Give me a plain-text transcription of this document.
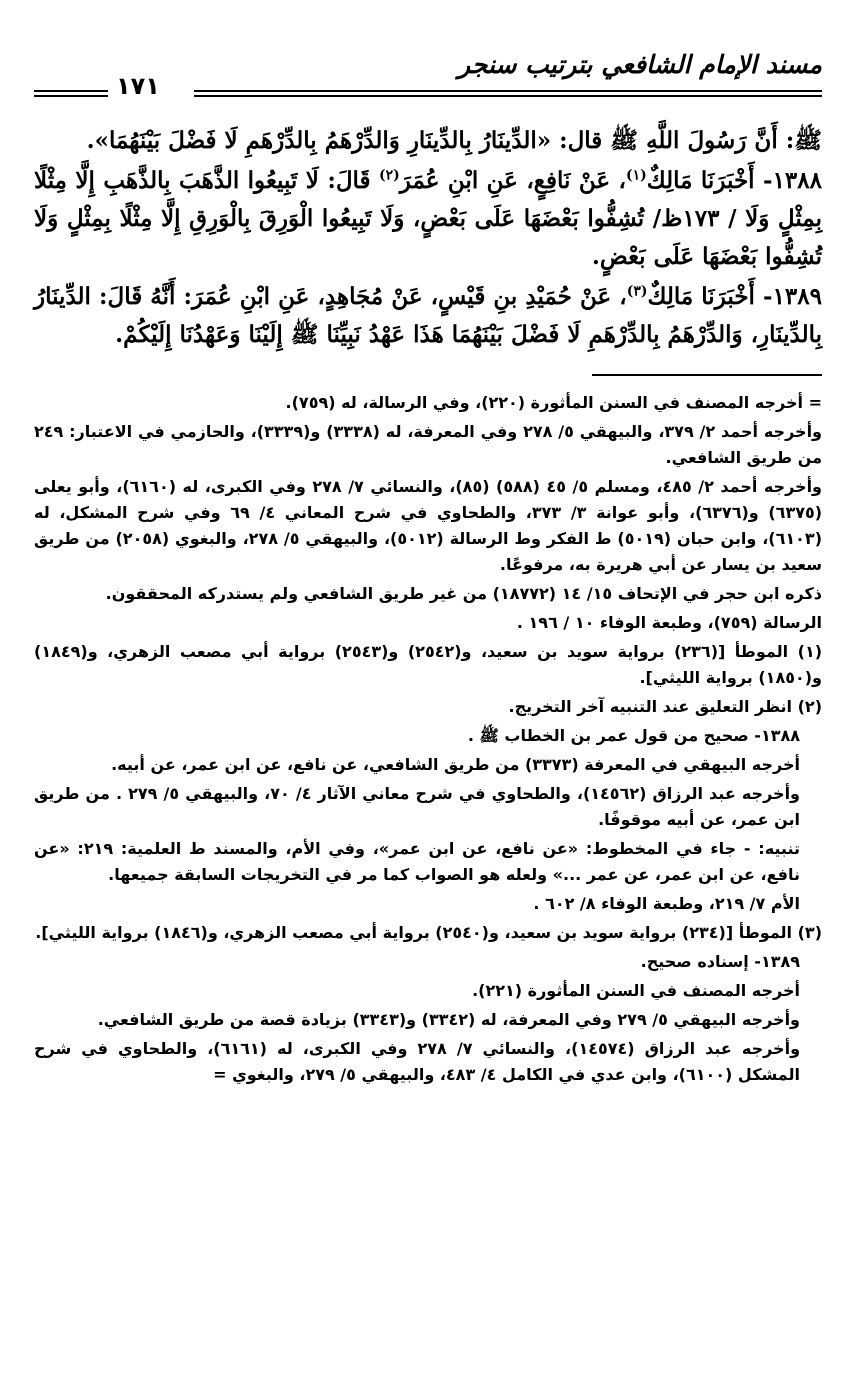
مسند الإمام الشافعي بترتيب سنجر
١٧١

ﷺ: أَنَّ رَسُولَ اللَّهِ ﷺ قال: «الدِّينَارُ بِالدِّينَارِ وَالدِّرْهَمُ بِالدِّرْهَمِ لَا فَضْلَ بَيْنَهُمَا».

١٣٨٨- أَخْبَرَنَا مَالِكٌ$^{(١)}$، عَنْ نَافِعٍ، عَنِ ابْنِ عُمَرَ$^{(٢)}$ قَالَ: لَا تَبِيعُوا الذَّهَبَ بِالذَّهَبِ إِلَّا مِثْلًا بِمِثْلٍ وَلَا / ١٧٣ظ/ تُشِفُّوا بَعْضَهَا عَلَى بَعْضٍ، وَلَا تَبِيعُوا الْوَرِقَ بِالْوَرِقِ إِلَّا مِثْلًا بِمِثْلٍ وَلَا تُشِفُّوا بَعْضَهَا عَلَى بَعْضٍ.

١٣٨٩- أَخْبَرَنَا مَالِكٌ$^{(٣)}$، عَنْ حُمَيْدِ بنِ قَيْسٍ، عَنْ مُجَاهِدٍ، عَنِ ابْنِ عُمَرَ: أَنَّهُ قَالَ: الدِّينَارُ بِالدِّينَارِ، وَالدِّرْهَمُ بِالدِّرْهَمِ لَا فَضْلَ بَيْنَهُمَا هَذَا عَهْدُ نَبِيِّنَا ﷺ إِلَيْنَا وَعَهْدُنَا إِلَيْكُمْ.

= أخرجه المصنف في السنن المأثورة (٢٢٠)، وفي الرسالة، له (٧٥٩).

وأخرجه أحمد ٢/ ٣٧٩، والبيهقي ٥/ ٢٧٨ وفي المعرفة، له (٣٣٣٨) و(٣٣٣٩)، والحازمي في الاعتبار: ٢٤٩ من طريق الشافعي.

وأخرجه أحمد ٢/ ٤٨٥، ومسلم ٥/ ٤٥ (٥٨٨) (٨٥)، والنسائي ٧/ ٢٧٨ وفي الكبرى، له (٦١٦٠)، وأبو يعلى (٦٣٧٥) و(٦٣٧٦)، وأبو عوانة ٣/ ٣٧٣، والطحاوي في شرح المعاني ٤/ ٦٩ وفي شرح المشكل، له (٦١٠٣)، وابن حبان (٥٠١٩) ط الفكر وط الرسالة (٥٠١٢)، والبيهقي ٥/ ٢٧٨، والبغوي (٢٠٥٨) من طريق سعيد بن يسار عن أبي هريرة به، مرفوعًا.

ذكره ابن حجر في الإتحاف ١٥/ ١٤ (١٨٧٧٢) من غير طريق الشافعي ولم يستدركه المحققون.

الرسالة (٧٥٩)، وطبعة الوفاء ١٠ / ١٩٦ .

(١) الموطأ [(٢٣٦) برواية سويد بن سعيد، و(٢٥٤٢) و(٢٥٤٣) برواية أبي مصعب الزهري، و(١٨٤٩) و(١٨٥٠) برواية الليثي].

(٢) انظر التعليق عند التنبيه آخر التخريج.

١٣٨٨- صحيح من قول عمر بن الخطاب ﷺ .

أخرجه البيهقي في المعرفة (٣٣٧٣) من طريق الشافعي، عن نافع، عن ابن عمر، عن أبيه.

وأخرجه عبد الرزاق (١٤٥٦٢)، والطحاوي في شرح معاني الآثار ٤/ ٧٠، والبيهقي ٥/ ٢٧٩ . من طريق ابن عمر، عن أبيه موقوفًا.

تنبيه: - جاء في المخطوط: «عن نافع، عن ابن عمر»، وفي الأم، والمسند ط العلمية: ٢١٩: «عن نافع، عن ابن عمر، عن عمر ...» ولعله هو الصواب كما مر في التخريجات السابقة جميعها.

الأم ٧/ ٢١٩، وطبعة الوفاء ٨/ ٦٠٢ .

(٣) الموطأ [(٢٣٤) برواية سويد بن سعيد، و(٢٥٤٠) برواية أبي مصعب الزهري، و(١٨٤٦) برواية الليثي].

١٣٨٩- إسناده صحيح.

أخرجه المصنف في السنن المأثورة (٢٢١).

وأخرجه البيهقي ٥/ ٢٧٩ وفي المعرفة، له (٣٣٤٢) و(٣٣٤٣) بزيادة قصة من طريق الشافعي.

وأخرجه عبد الرزاق (١٤٥٧٤)، والنسائي ٧/ ٢٧٨ وفي الكبرى، له (٦١٦١)، والطحاوي في شرح المشكل (٦١٠٠)، وابن عدي في الكامل ٤/ ٤٨٣، والبيهقي ٥/ ٢٧٩، والبغوي =
